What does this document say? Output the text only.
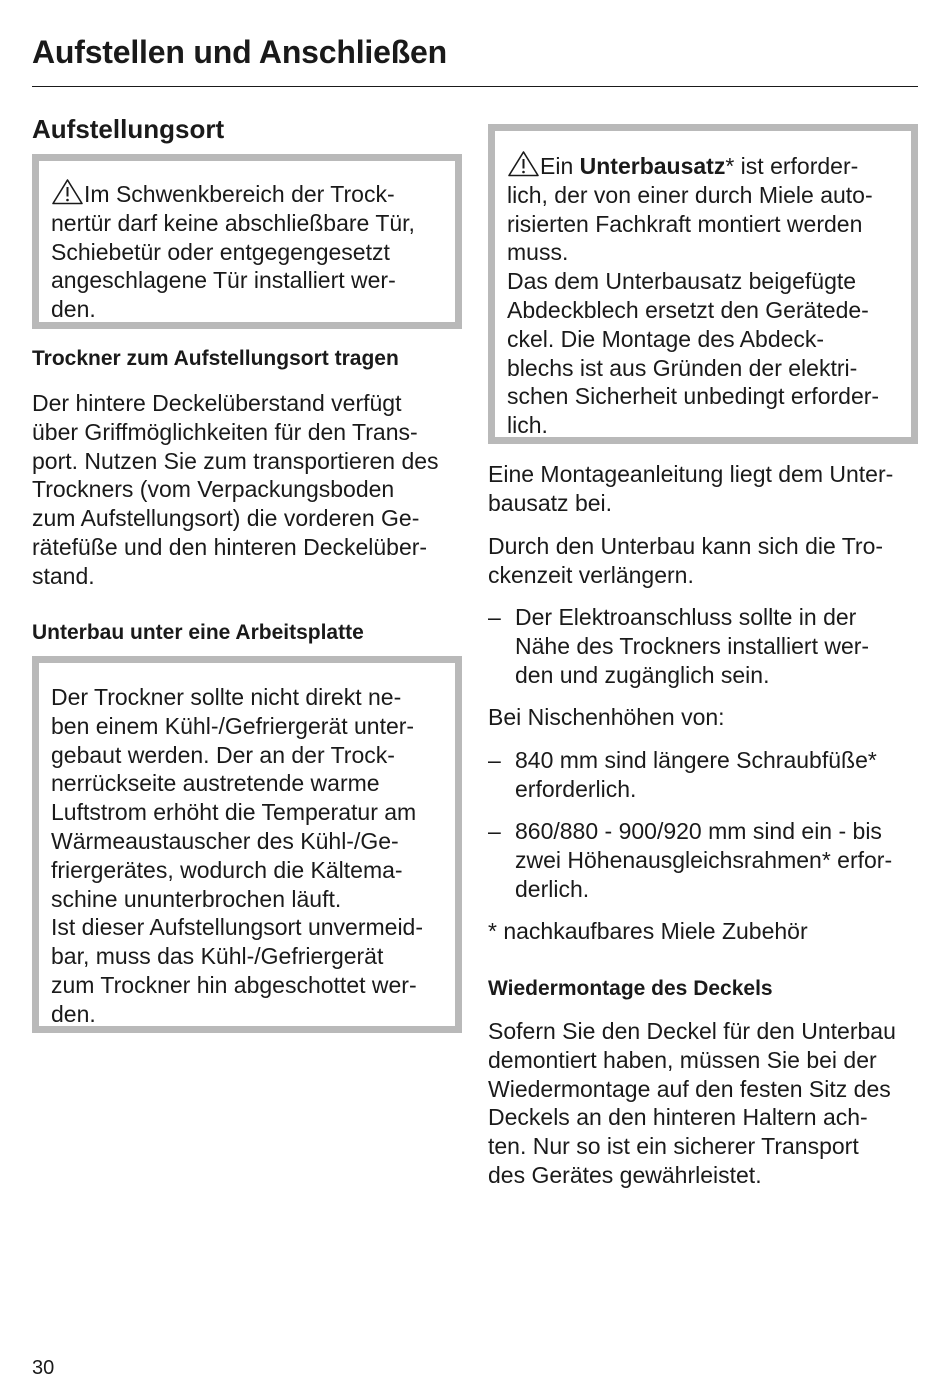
Aufstellen und Anschließen
Aufstellungsort
Im Schwenkbereich der Trock-
nertür darf keine abschließbare Tür,
Schiebetür oder entgegengesetzt
angeschlagene Tür installiert wer-
den.
Trockner zum Aufstellungsort tragen
Der hintere Deckelüberstand verfügt
über Griffmöglichkeiten für den Trans-
port. Nutzen Sie zum transportieren des
Trockners (vom Verpackungsboden
zum Aufstellungsort) die vorderen Ge-
rätefüße und den hinteren Deckelüber-
stand.
Unterbau unter eine Arbeitsplatte
Der Trockner sollte nicht direkt ne-
ben einem Kühl-/Gefriergerät unter-
gebaut werden. Der an der Trock-
nerrückseite austretende warme
Luftstrom erhöht die Temperatur am
Wärmeaustauscher des Kühl-/Ge-
friergerätes, wodurch die Kältema-
schine ununterbrochen läuft.
Ist dieser Aufstellungsort unvermeid-
bar, muss das Kühl-/Gefriergerät
zum Trockner hin abgeschottet wer-
den.
Ein Unterbausatz* ist erforder-
lich, der von einer durch Miele auto-
risierten Fachkraft montiert werden
muss.
Das dem Unterbausatz beigefügte
Abdeckblech ersetzt den Gerätede-
ckel. Die Montage des Abdeck-
blechs ist aus Gründen der elektri-
schen Sicherheit unbedingt erforder-
lich.
Eine Montageanleitung liegt dem Unter-
bausatz bei.
Durch den Unterbau kann sich die Tro-
ckenzeit verlängern.
– Der Elektroanschluss sollte in der
Nähe des Trockners installiert wer-
den und zugänglich sein.
Bei Nischenhöhen von:
– 840 mm sind längere Schraubfüße*
erforderlich.
– 860/880 - 900/920 mm sind ein - bis
zwei Höhenausgleichsrahmen* erfor-
derlich.
* nachkaufbares Miele Zubehör
Wiedermontage des Deckels
Sofern Sie den Deckel für den Unterbau
demontiert haben, müssen Sie bei der
Wiedermontage auf den festen Sitz des
Deckels an den hinteren Haltern ach-
ten. Nur so ist ein sicherer Transport
des Gerätes gewährleistet.
30
